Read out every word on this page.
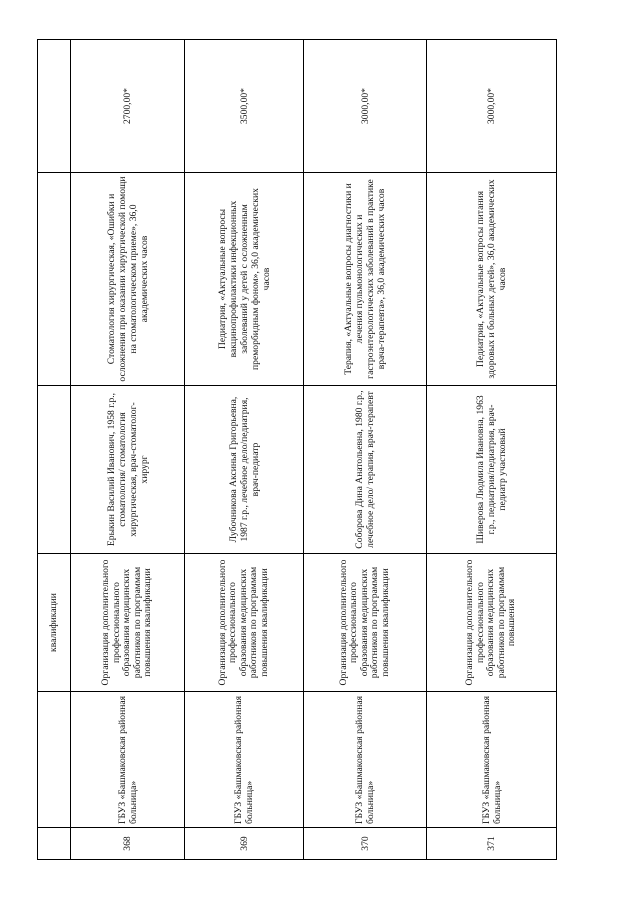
		квалификации			
368	ГБУЗ «Башмаковская районная больница»	Организация дополнительного профессионального образования медицинских работников по программам повышения квалификации	Ерыкин Василий Иванович, 1958 г.р., стоматология/ стоматология хирургическая, врач-стоматолог-хирург	Стоматология хирургическая, «Ошибки и осложнения при оказании хирургической помощи на стоматологическом приеме», 36,0 академических часов	2700,00*
369	ГБУЗ «Башмаковская районная больница»	Организация дополнительного профессионального образования медицинских работников по программам повышения квалификации	Лубочникова Аксинья Григорьевна, 1987 г.р., лечебное дело/педиатрия, врач-педиатр	Педиатрия, «Актуальные вопросы вакцинопрофилактики инфекционных заболеваний у детей с осложненным преморбидным фоном», 36,0 академических часов	3500,00*
370	ГБУЗ «Башмаковская районная больница»	Организация дополнительного профессионального образования медицинских работников по программам повышения квалификации	Соборова Дина Анатольевна, 1980 г.р., лечебное дело/ терапия, врач-терапевт	Терапия, «Актуальные вопросы диагностики и лечения пульмонологических и гастроэнтерологических заболеваний в практике врача-терапевта», 36,0 академических часов	3000,00*
371	ГБУЗ «Башмаковская районная больница»	Организация дополнительного профессионального образования медицинских работников по программам повышения	Шиверова Людмила Ивановна, 1963 г.р., педиатрия/педиатрия, врач-педиатр участковый	Педиатрия, «Актуальные вопросы питания здоровых и больных детей», 36,0 академических часов	3000,00*
